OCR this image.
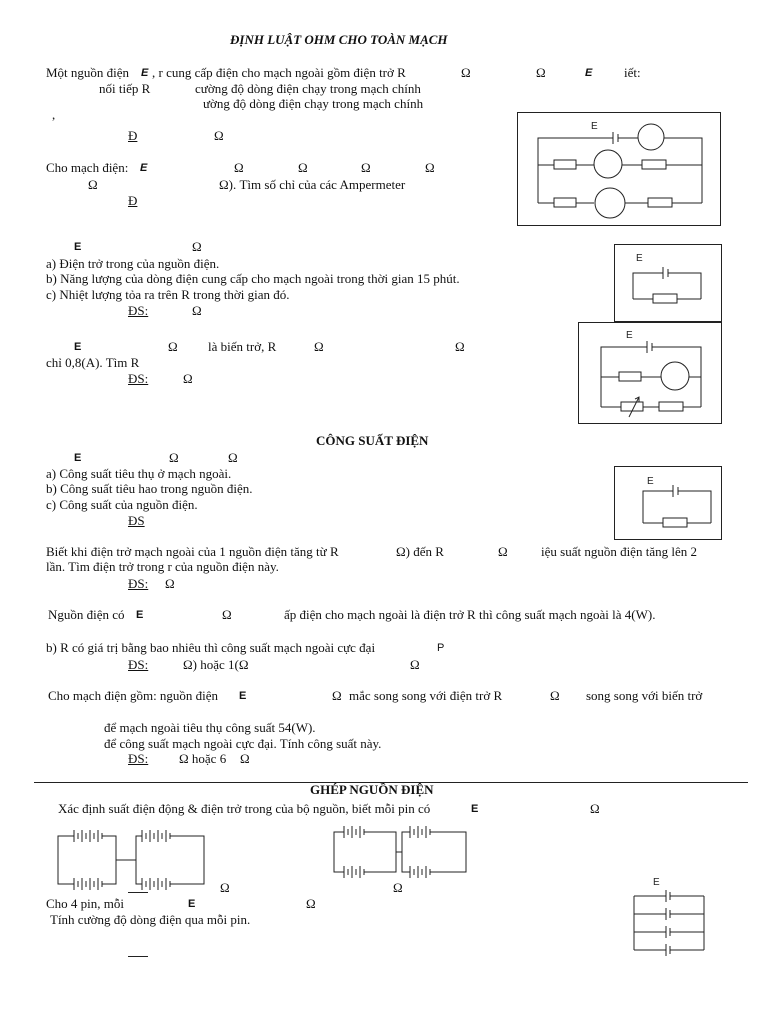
ĐỊNH LUẬT OHM CHO TOÀN MẠCH
Một nguồn điện E , r cung cấp điện cho mạch ngoài gồm điện trở R	Ω	Ω	E iết:
nối tiếp R	cường độ dòng điện chạy trong mạch chính
ường độ dòng điện chạy trong mạch chính
,
Đ	Ω
E
Cho mạch điện: E	Ω	Ω	Ω	Ω
Ω	Ω). Tìm số chỉ của các Ampermeter
Đ
E	Ω
a) Điện trở trong của nguồn điện.
b) Năng lượng của dòng điện cung cấp cho mạch ngoài trong thời gian 15 phút.
c) Nhiệt lượng tỏa ra trên R trong thời gian đó.
ĐS:	Ω
E
E	Ω là biến trở, R	Ω	Ω
chỉ 0,8(A). Tìm R
ĐS:	Ω
E
CÔNG SUẤT ĐIỆN
E	Ω	Ω
a) Công suất tiêu thụ ở mạch ngoài.
b) Công suất tiêu hao trong nguồn điện.
c) Công suất của nguồn điện.
ĐS
E
Biết khi điện trở mạch ngoài của 1 nguồn điện tăng từ R	Ω) đến R	Ω	iệu suất nguồn điện tăng lên 2
lần. Tìm điện trở trong r của nguồn điện này.
ĐS: Ω
Nguồn điện có E	Ω	ấp điện cho mạch ngoài là điện trở R thì công suất mạch ngoài là 4(W).
b) R có giá trị bằng bao nhiêu thì công suất mạch ngoài cực đại	P
ĐS:	Ω) hoặc 1(Ω	Ω
Cho mạch điện gồm: nguồn điện E	Ω mắc song song với điện trở R	Ω song song với biến trở
để mạch ngoài tiêu thụ công suất 54(W).
để công suất mạch ngoài cực đại. Tính công suất này.
ĐS: Ω hoặc 6 Ω
GHÉP NGUỒN ĐIỆN
Xác định suất điện động & điện trở trong của bộ nguồn, biết mỗi pin có	E	Ω
Ω	Ω
Cho 4 pin, mỗi	E	Ω
Tính cường độ dòng điện qua mỗi pin.
E
